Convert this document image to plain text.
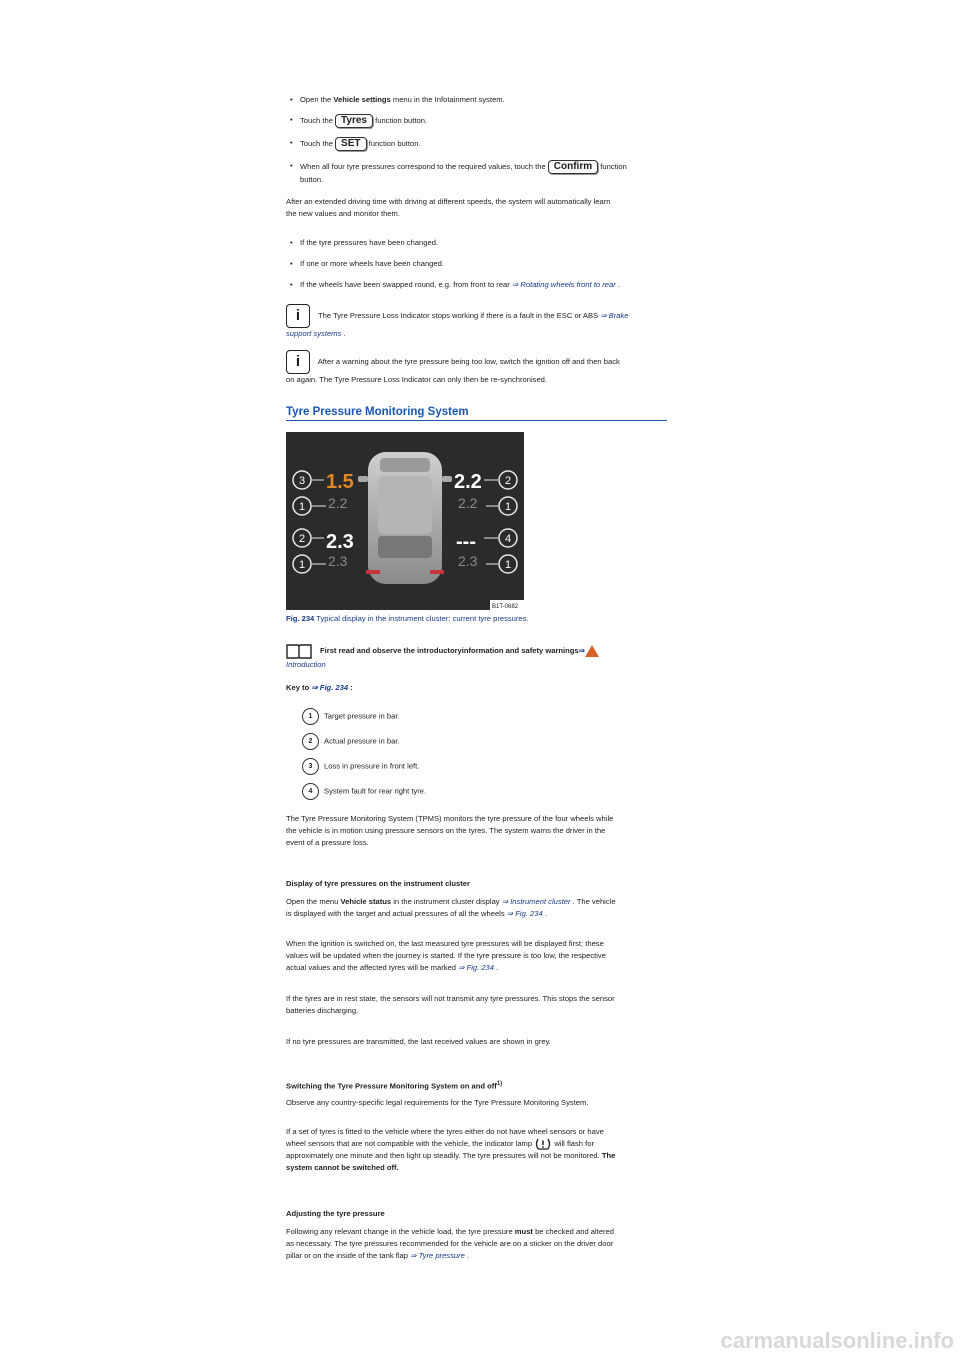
• Open the Vehicle settings menu in the Infotainment system.
• Touch the Tyres function button.
• Touch the SET function button.
• When all four tyre pressures correspond to the required values, touch the Confirm function
button.
After an extended driving time with driving at different speeds, the system will automatically learn
the new values and monitor them.
• If the tyre pressures have been changed.
• If one or more wheels have been changed.
• If the wheels have been swapped round, e.g. from front to rear ⇒ Rotating wheels front to rear .
i The Tyre Pressure Loss Indicator stops working if there is a fault in the ESC or ABS ⇒ Brake
support systems .
i After a warning about the tyre pressure being too low, switch the ignition off and then back
on again. The Tyre Pressure Loss Indicator can only then be re-synchronised.
Tyre Pressure Monitoring System
1.5
2.2
2.3
2.3
2.2
2.2
---
2.3
3
1
2
1
2
1
4
1
B1T-0682
Fig. 234 Typical display in the instrument cluster: current tyre pressures.
First read and observe the introductoryinformation and safety warnings⇒
Introduction
Key to ⇒ Fig. 234 :
1 Target pressure in bar.
2 Actual pressure in bar.
3 Loss in pressure in front left.
4 System fault for rear right tyre.
The Tyre Pressure Monitoring System (TPMS) monitors the tyre pressure of the four wheels while
the vehicle is in motion using pressure sensors on the tyres. The system warns the driver in the
event of a pressure loss.
Display of tyre pressures on the instrument cluster
Open the menu Vehicle status in the instrument cluster display ⇒ Instrument cluster . The vehicle
is displayed with the target and actual pressures of all the wheels ⇒ Fig. 234 .
When the ignition is switched on, the last measured tyre pressures will be displayed first; these
values will be updated when the journey is started. If the tyre pressure is too low, the respective
actual values and the affected tyres will be marked ⇒ Fig. 234 .
If the tyres are in rest state, the sensors will not transmit any tyre pressures. This stops the sensor
batteries discharging.
If no tyre pressures are transmitted, the last received values are shown in grey.
Switching the Tyre Pressure Monitoring System on and off$^{1)}$
Observe any country-specific legal requirements for the Tyre Pressure Monitoring System.
If a set of tyres is fitted to the vehicle where the tyres either do not have wheel sensors or have
wheel sensors that are not compatible with the vehicle, the indicator lamp  will flash for
approximately one minute and then light up steadily. The tyre pressures will not be monitored. The
system cannot be switched off.
Adjusting the tyre pressure
Following any relevant change in the vehicle load, the tyre pressure must be checked and altered
as necessary. The tyre pressures recommended for the vehicle are on a sticker on the driver door
pillar or on the inside of the tank flap ⇒ Tyre pressure .
carmanualsonline.info
